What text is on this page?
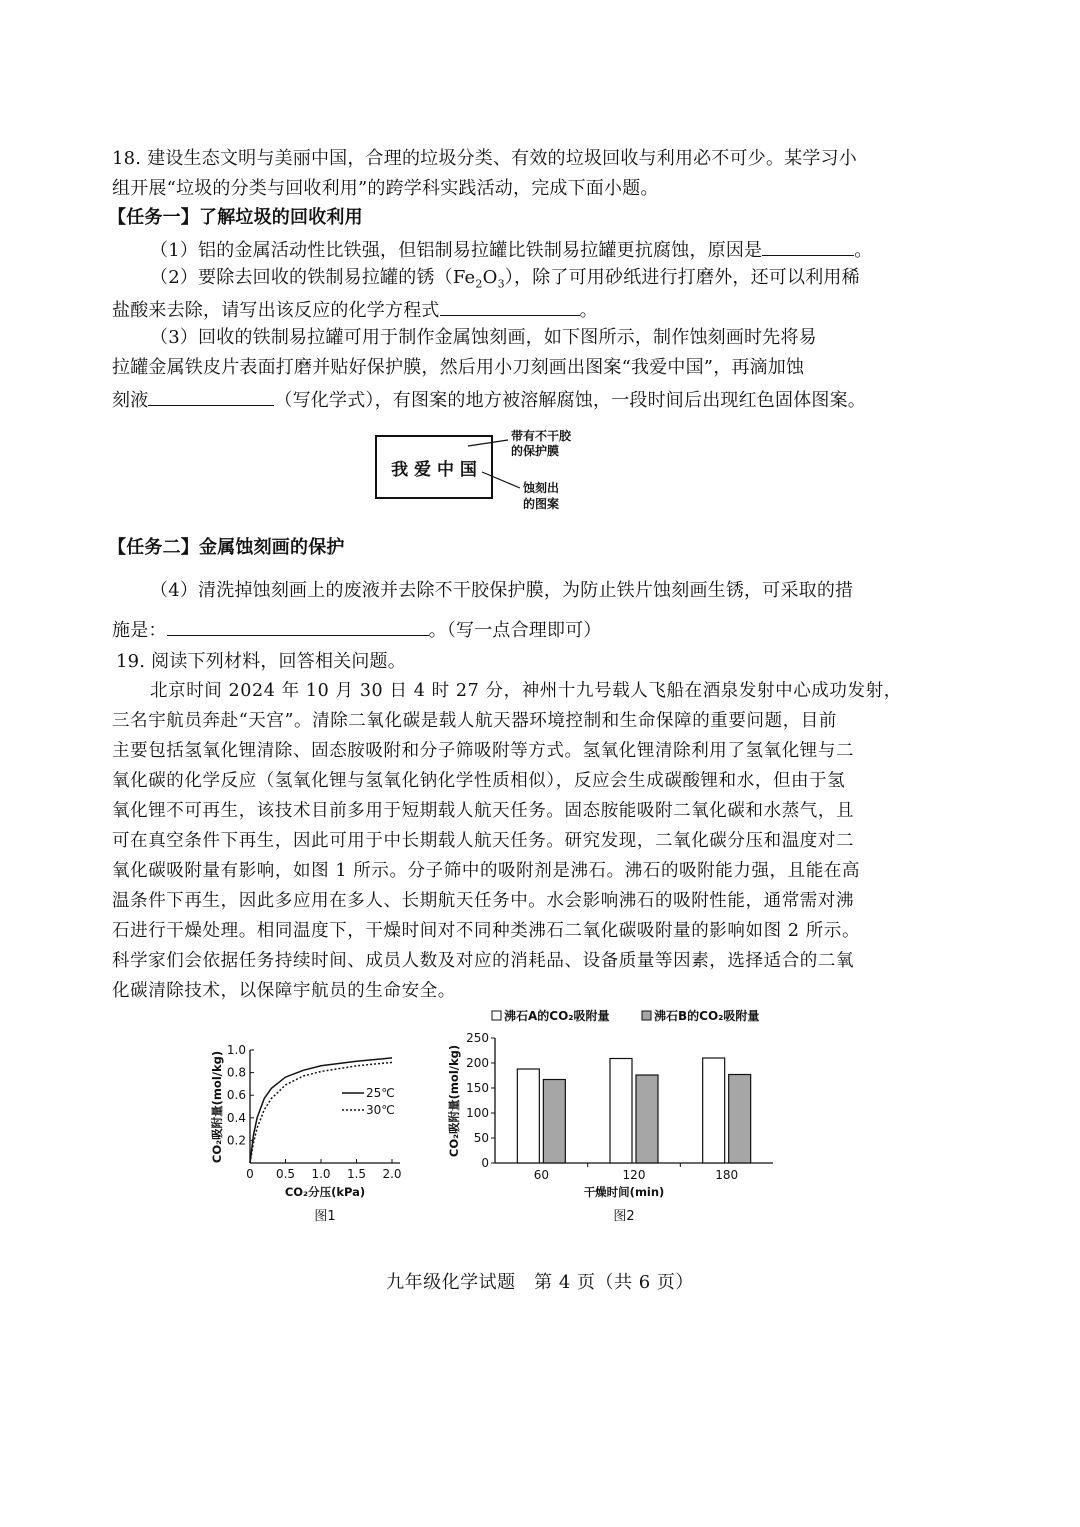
18. 建设生态文明与美丽中国，合理的垃圾分类、有效的垃圾回收与利用必不可少。某学习小
组开展“垃圾的分类与回收利用”的跨学科实践活动，完成下面小题。
【任务一】了解垃圾的回收利用
（1）铝的金属活动性比铁强，但铝制易拉罐比铁制易拉罐更抗腐蚀，原因是	。
（2）要除去回收的铁制易拉罐的锈$(Fe_2O_3)$，除了可用砂纸进行打磨外，还可以利用稀
盐酸来去除，请写出该反应的化学方程式	。
（3）回收的铁制易拉罐可用于制作金属蚀刻画，如下图所示，制作蚀刻画时先将易
拉罐金属铁皮片表面打磨并贴好保护膜，然后用小刀刻画出图案“我爱中国”，再滴加蚀
刻液	（写化学式），有图案的地方被溶解腐蚀，一段时间后出现红色固体图案。
我 爱 中 国
带有不干胶
的保护膜
蚀刻出
的图案
【任务二】金属蚀刻画的保护
（4）清洗掉蚀刻画上的废液并去除不干胶保护膜，为防止铁片蚀刻画生锈，可采取的措
施是：	。（写一点合理即可）
19. 阅读下列材料，回答相关问题。
北京时间 2024 年 10 月 30 日 4 时 27 分，神州十九号载人飞船在酒泉发射中心成功发射，
三名宇航员奔赴“天宫”。清除二氧化碳是载人航天器环境控制和生命保障的重要问题，目前
主要包括氢氧化锂清除、固态胺吸附和分子筛吸附等方式。氢氧化锂清除利用了氢氧化锂与二
氧化碳的化学反应（氢氧化锂与氢氧化钠化学性质相似），反应会生成碳酸锂和水，但由于氢
氧化锂不可再生，该技术目前多用于短期载人航天任务。固态胺能吸附二氧化碳和水蒸气，且
可在真空条件下再生，因此可用于中长期载人航天任务。研究发现，二氧化碳分压和温度对二
氧化碳吸附量有影响，如图 1 所示。分子筛中的吸附剂是沸石。沸石的吸附能力强，且能在高
温条件下再生，因此多应用在多人、长期航天任务中。水会影响沸石的吸附性能，通常需对沸
石进行干燥处理。相同温度下，干燥时间对不同种类沸石二氧化碳吸附量的影响如图 2 所示。
科学家们会依据任务持续时间、成员人数及对应的消耗品、设备质量等因素，选择适合的二氧
化碳清除技术，以保障宇航员的生命安全。
0 0.5 1.0 1.5 2.0
0.2
0.4
0.6
0.8
1.0
25℃
30℃
CO₂吸附量(mol/kg)
CO₂分压(kPa)
图1
沸石A的CO₂吸附量	沸石B的CO₂吸附量
0
50
100
150
200
250
60	120	180
CO₂吸附量(mol/kg)
干燥时间(min)
图2
九年级化学试题　第 4 页（共 6 页）
